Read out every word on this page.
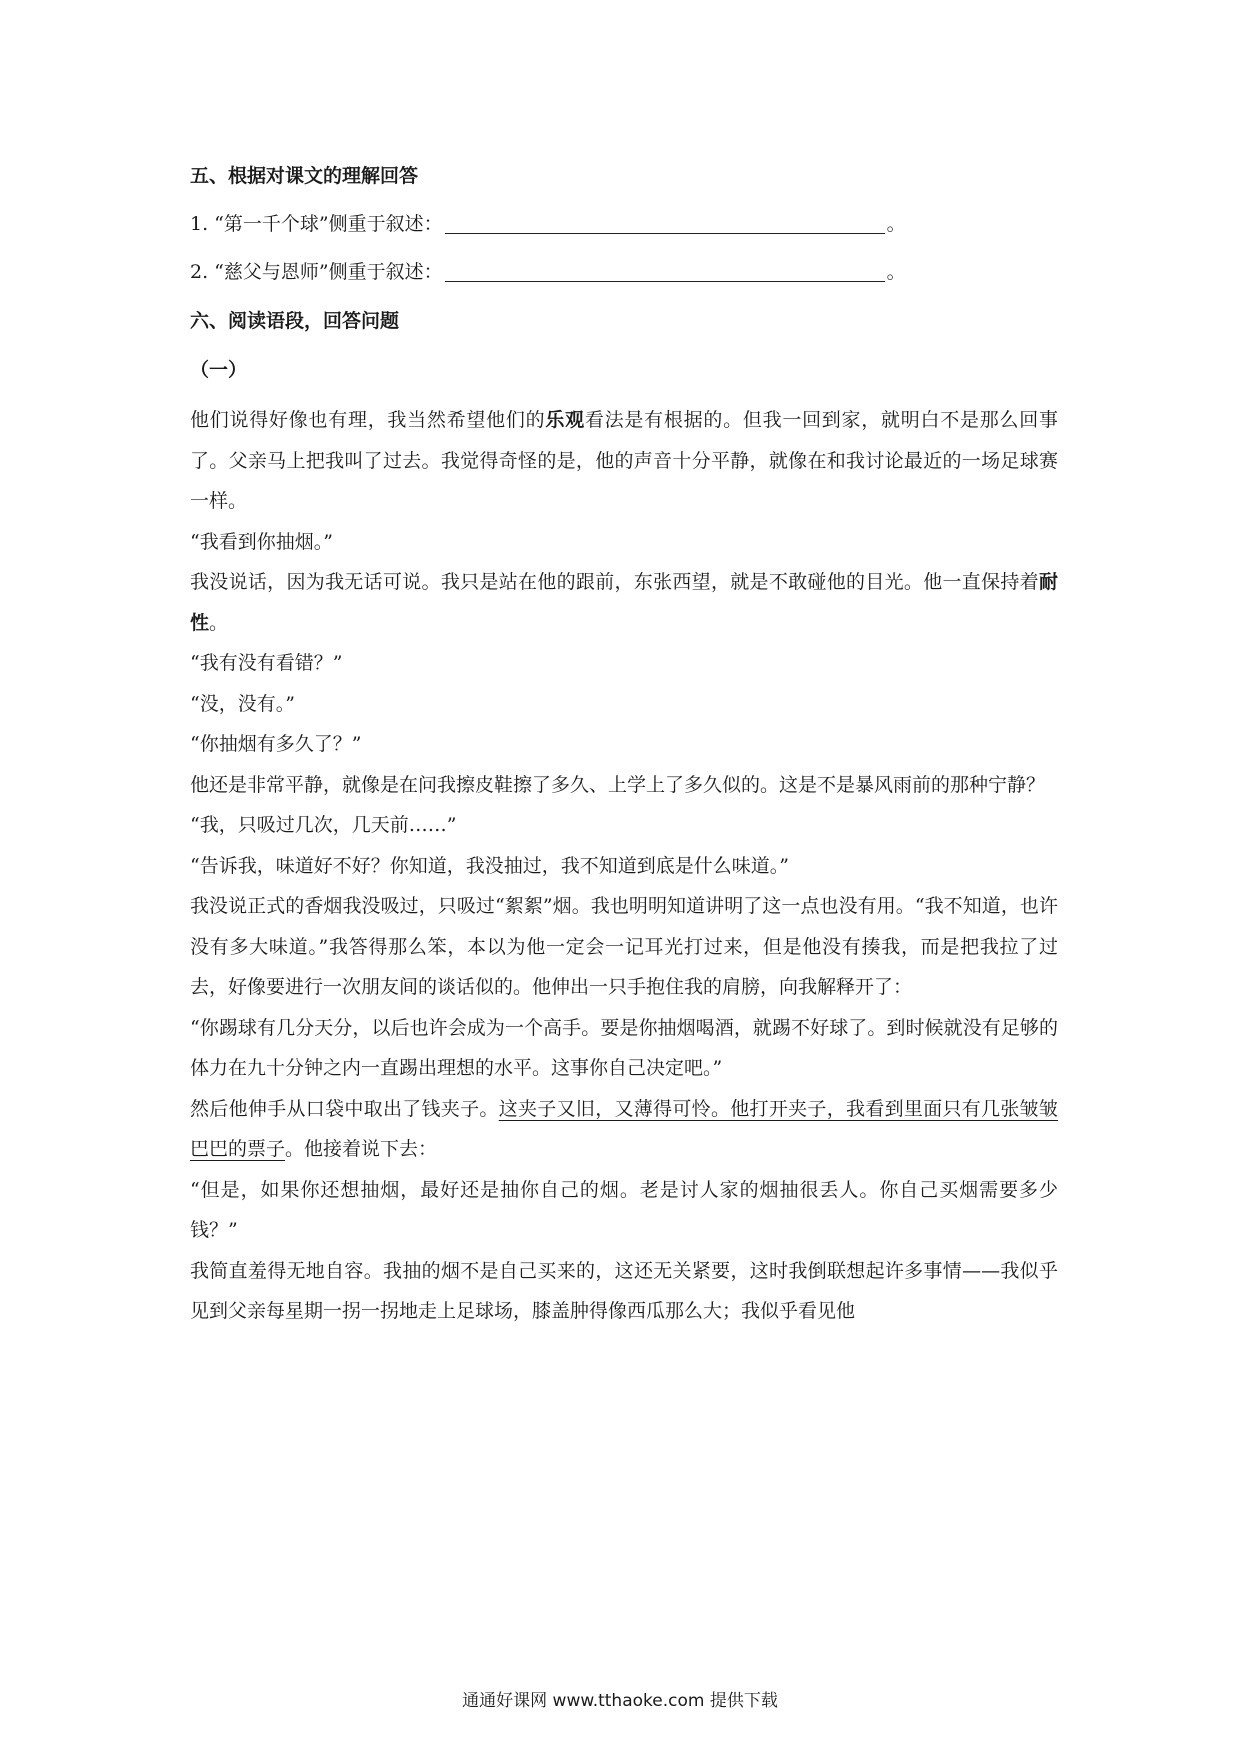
五、根据对课文的理解回答
1. “第一千个球”侧重于叙述：	。
2. “慈父与恩师”侧重于叙述：	。
六、阅读语段，回答问题
（一）

他们说得好像也有理，我当然希望他们的乐观看法是有根据的。但我一回到家，就明白不是那么回事了。父亲马上把我叫了过去。我觉得奇怪的是，他的声音十分平静，就像在和我讨论最近的一场足球赛一样。

“我看到你抽烟。”

我没说话，因为我无话可说。我只是站在他的跟前，东张西望，就是不敢碰他的目光。他一直保持着耐性。

“我有没有看错？”

“没，没有。”

“你抽烟有多久了？”

他还是非常平静，就像是在问我擦皮鞋擦了多久、上学上了多久似的。这是不是暴风雨前的那种宁静？

“我，只吸过几次，几天前……”

“告诉我，味道好不好？你知道，我没抽过，我不知道到底是什么味道。”

我没说正式的香烟我没吸过，只吸过“絮絮”烟。我也明明知道讲明了这一点也没有用。“我不知道，也许没有多大味道。”我答得那么笨，本以为他一定会一记耳光打过来，但是他没有揍我，而是把我拉了过去，好像要进行一次朋友间的谈话似的。他伸出一只手抱住我的肩膀，向我解释开了：

“你踢球有几分天分，以后也许会成为一个高手。要是你抽烟喝酒，就踢不好球了。到时候就没有足够的体力在九十分钟之内一直踢出理想的水平。这事你自己决定吧。”

然后他伸手从口袋中取出了钱夹子。这夹子又旧，又薄得可怜。他打开夹子，我看到里面只有几张皱皱巴巴的票子。他接着说下去：

“但是，如果你还想抽烟，最好还是抽你自己的烟。老是讨人家的烟抽很丢人。你自己买烟需要多少钱？”

我简直羞得无地自容。我抽的烟不是自己买来的，这还无关紧要，这时我倒联想起许多事情——我似乎见到父亲每星期一拐一拐地走上足球场，膝盖肿得像西瓜那么大；我似乎看见他

通通好课网 www.tthaoke.com 提供下载
